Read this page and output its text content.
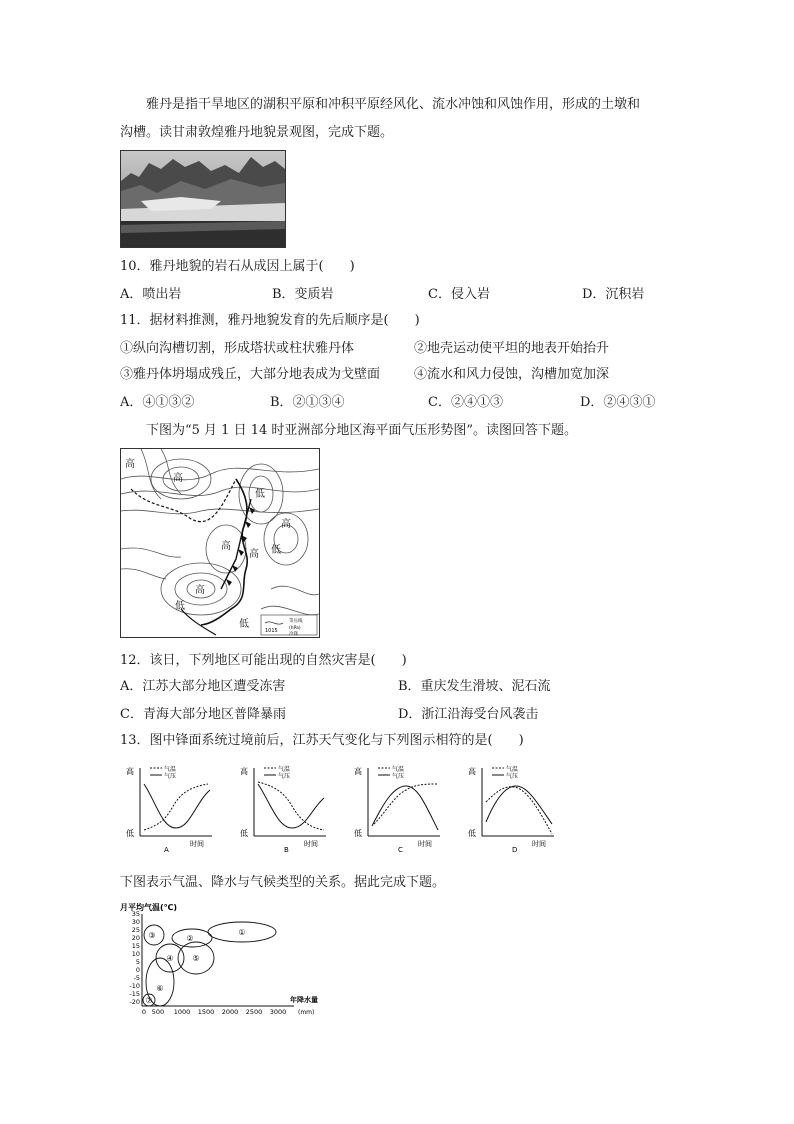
雅丹是指干旱地区的湖积平原和冲积平原经风化、流水冲蚀和风蚀作用，形成的土墩和
沟槽。读甘肃敦煌雅丹地貌景观图，完成下题。
10．雅丹地貌的岩石从成因上属于(　　)
A．喷出岩	B．变质岩	C．侵入岩	D．沉积岩
11．据材料推测，雅丹地貌发育的先后顺序是(　　)
①纵向沟槽切割，形成塔状或柱状雅丹体	②地壳运动使平坦的地表开始抬升
③雅丹体坍塌成残丘，大部分地表成为戈壁面	④流水和风力侵蚀，沟槽加宽加深
A．④①③②	B．②①③④	C．②④①③	D．②④③①
下图为“5 月 1 日 14 时亚洲部分地区海平面气压形势图”。读图回答下题。
高
高
低
高
高
高 低
高
低
低
1015
等压线
(hPa)
冷锋
12．该日，下列地区可能出现的自然灾害是(　　)
A．江苏大部分地区遭受冻害	B．重庆发生滑坡、泥石流
C．青海大部分地区普降暴雨	D．浙江沿海受台风袭击
13．图中锋面系统过境前后，江苏天气变化与下列图示相符的是(　　)
高
低
时间
气温
气压
A
高
低
时间
气温
气压
B
高
低
时间
气温
气压
C
高
低
时间
气温
气压
D
下图表示气温、降水与气候类型的关系。据此完成下题。
月平均气温(℃)
35
30
25
20
15
10
5
0
-5
-10
-15
-20
0 500 1000 1500 2000 2500 3000
年降水量
(mm)
①
②
③
④ ⑤
⑥
⑦
